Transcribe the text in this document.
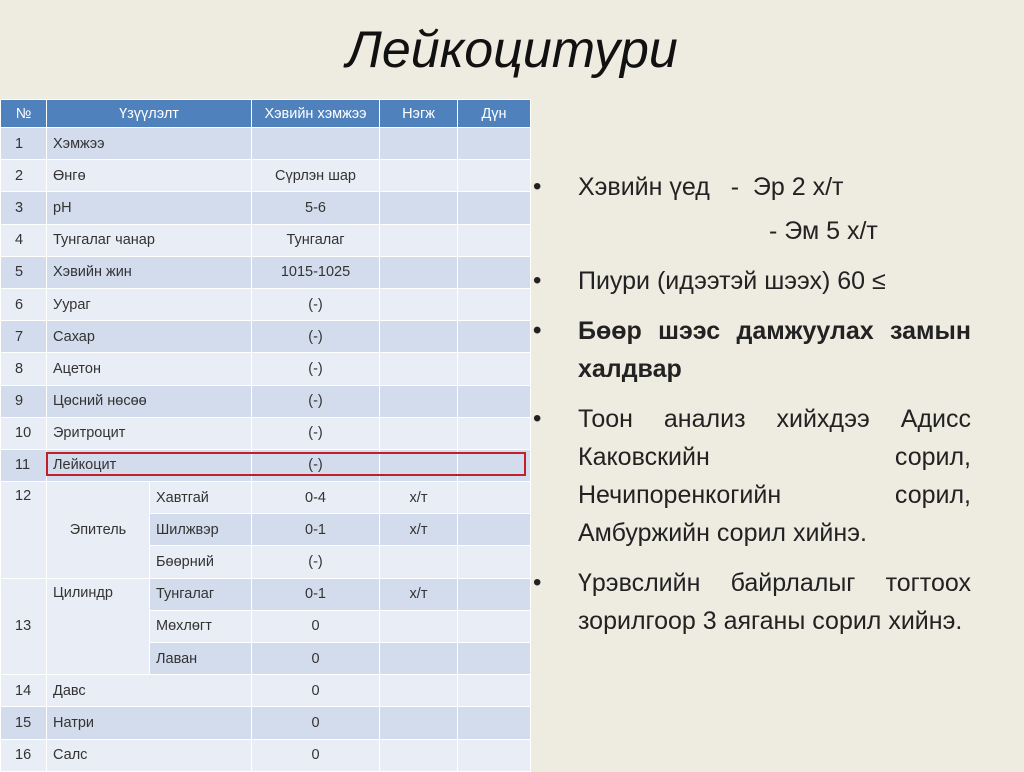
Лейкоцитури
№	Үзүүлэлт		Хэвийн хэмжээ	Нэгж	Дүн
1	Хэмжээ				
2	Өнгө		Сүрлэн шар		
3	pH		5-6		
4	Тунгалаг чанар		Тунгалаг		
5	Хэвийн жин		1015-1025		
6	Уураг		(-)		
7	Сахар		(-)		
8	Ацетон		(-)		
9	Цөсний нөсөө		(-)		
10	Эритроцит		(-)		
11	Лейкоцит		(-)		
12	Эпитель	Хавтгай	0-4	х/т	
		Шилжвэр	0-1	х/т	
		Бөөрний	(-)		
13	Цилиндр	Тунгалаг	0-1	х/т	
		Мөхлөгт	0		
		Лаван	0		
14	Давс		0		
15	Натри		0		
16	Салс		0		
• Хэвийн үед - Эр 2 х/т
- Эм 5 х/т
• Пиури (идээтэй шээх) 60 ≤
• Бөөр шээс дамжуулах замын халдвар
• Тоон анализ хийхдээ Адисс Каковскийн сорил, Нечипоренкогийн сорил, Амбуржийн сорил хийнэ.
• Үрэвслийн байрлалыг тогтоох зорилгоор 3 аяганы сорил хийнэ.
